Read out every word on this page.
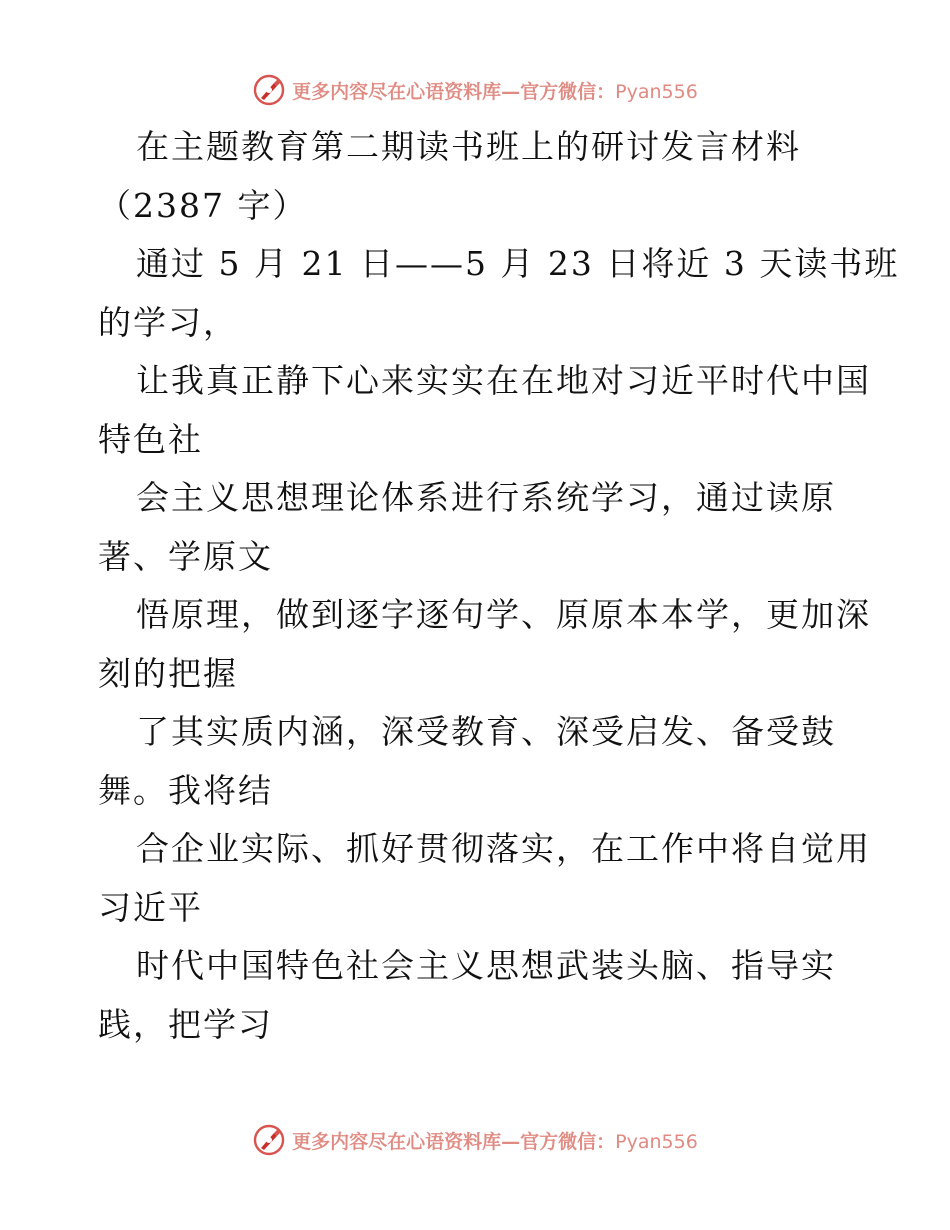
更多内容尽在心语资料库—官方微信：Pyan556
在主题教育第二期读书班上的研讨发言材料
（2387 字）
通过 5 月 21 日——5 月 23 日将近 3 天读书班
的学习，
让我真正静下心来实实在在地对习近平时代中国
特色社
会主义思想理论体系进行系统学习，通过读原
著、学原文
悟原理，做到逐字逐句学、原原本本学，更加深
刻的把握
了其实质内涵，深受教育、深受启发、备受鼓
舞。我将结
合企业实际、抓好贯彻落实，在工作中将自觉用
习近平
时代中国特色社会主义思想武装头脑、指导实
践，把学习
更多内容尽在心语资料库—官方微信：Pyan556
